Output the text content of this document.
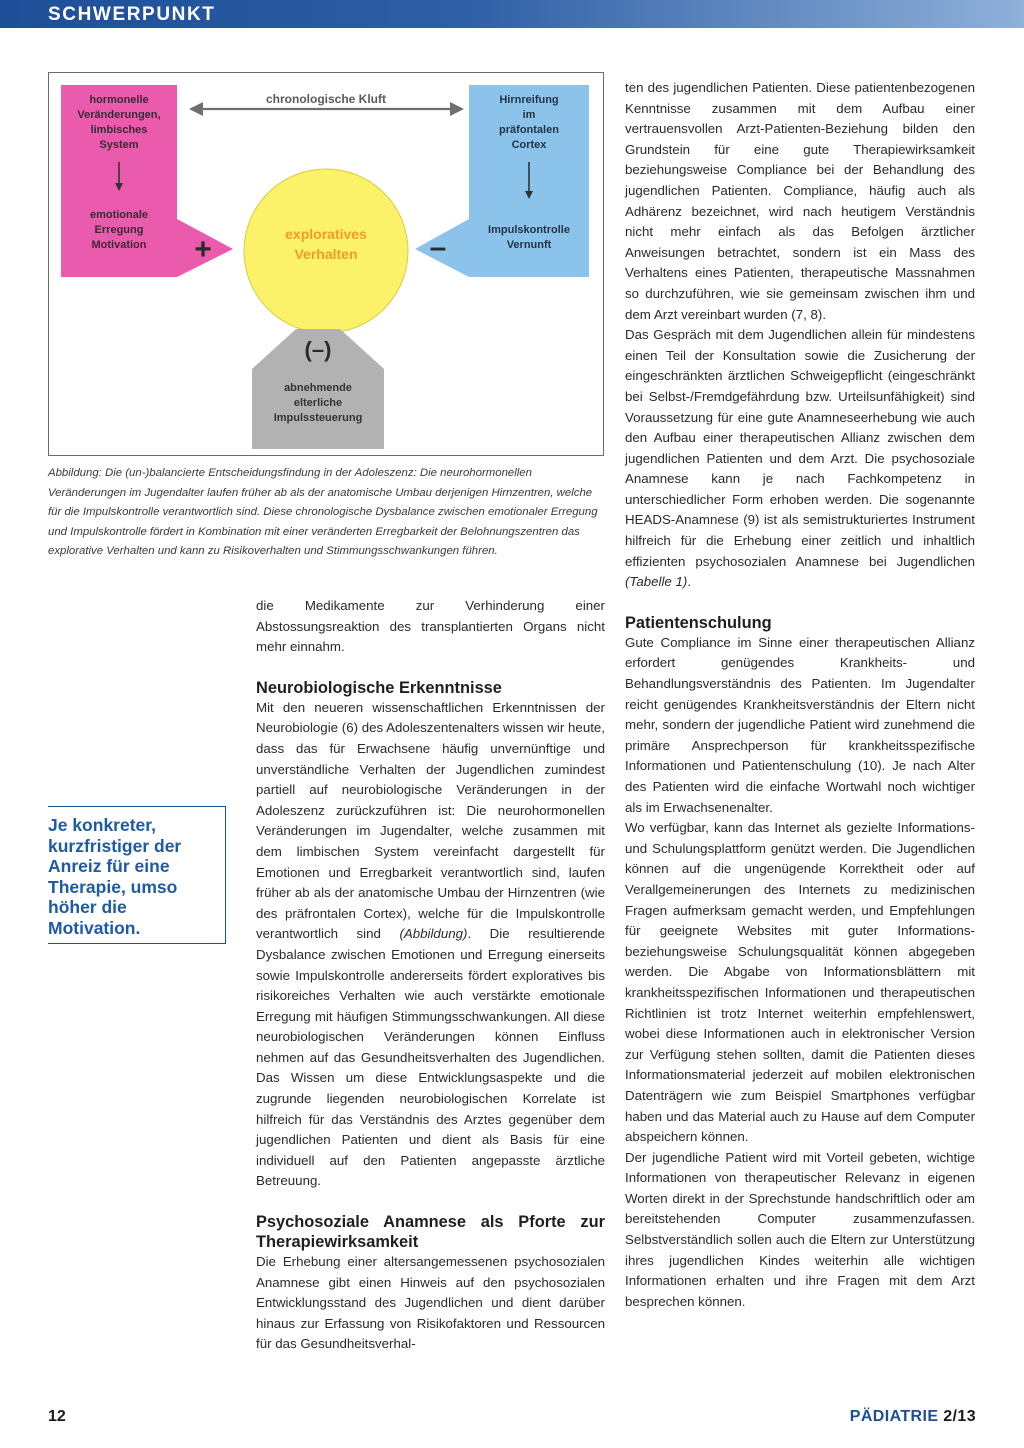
SCHWERPUNKT
chronologische Kluft
hormonelle
Veränderungen,
limbisches
System
emotionale
Erregung
Motivation +
Hirnreifung
im
präfontalen
Cortex
Impulskontrolle
Vernunft
–
exploratives
Verhalten
(–)
abnehmende
elterliche
Impulssteuerung
Abbildung: Die (un-)balancierte Entscheidungsfindung in der Adoleszenz: Die neurohormonellen Veränderungen im Jugendalter laufen früher ab als der anatomische Umbau derjenigen Hirnzentren, welche für die Impulskontrolle verantwortlich sind. Diese chronologische Dysbalance zwischen emotionaler Erregung und Impulskontrolle fördert in Kombination mit einer veränderten Erregbarkeit der Belohnungszentren das explorative Verhalten und kann zu Risikoverhalten und Stimmungsschwankungen führen.
Je konkreter, kurzfristiger der Anreiz für eine Therapie, umso höher die Motivation.

die Medikamente zur Verhinderung einer Abstossungsreaktion des transplantierten Organs nicht mehr einnahm.

Neurobiologische Erkenntnisse

Mit den neueren wissenschaftlichen Erkenntnissen der Neurobiologie (6) des Adoleszentenalters wissen wir heute, dass das für Erwachsene häufig unvernünftige und unverständliche Verhalten der Jugendlichen zumindest partiell auf neurobiologische Veränderungen in der Adoleszenz zurückzuführen ist: Die neurohormonellen Veränderungen im Jugendalter, welche zusammen mit dem limbischen System vereinfacht dargestellt für Emotionen und Erregbarkeit verantwortlich sind, laufen früher ab als der anatomische Umbau der Hirnzentren (wie des präfrontalen Cortex), welche für die Impulskontrolle verantwortlich sind (Abbildung). Die resultierende Dysbalance zwischen Emotionen und Erregung einerseits sowie Impulskontrolle andererseits fördert exploratives bis risikoreiches Verhalten wie auch verstärkte emotionale Erregung mit häufigen Stimmungsschwankungen. All diese neurobiologischen Veränderungen können Einfluss nehmen auf das Gesundheitsverhalten des Jugendlichen. Das Wissen um diese Entwicklungsaspekte und die zugrunde liegenden neurobiologischen Korrelate ist hilfreich für das Verständnis des Arztes gegenüber dem jugendlichen Patienten und dient als Basis für eine individuell auf den Patienten angepasste ärztliche Betreuung.

Psychosoziale Anamnese als Pforte zur Therapiewirksamkeit

Die Erhebung einer altersangemessenen psychosozialen Anamnese gibt einen Hinweis auf den psychosozialen Entwicklungsstand des Jugendlichen und dient darüber hinaus zur Erfassung von Risikofaktoren und Ressourcen für das Gesundheitsverhal-

ten des jugendlichen Patienten. Diese patientenbezogenen Kenntnisse zusammen mit dem Aufbau einer vertrauensvollen Arzt-Patienten-Beziehung bilden den Grundstein für eine gute Therapiewirksamkeit beziehungsweise Compliance bei der Behandlung des jugendlichen Patienten. Compliance, häufig auch als Adhärenz bezeichnet, wird nach heutigem Verständnis nicht mehr einfach als das Befolgen ärztlicher Anweisungen betrachtet, sondern ist ein Mass des Verhaltens eines Patienten, therapeutische Massnahmen so durchzuführen, wie sie gemeinsam zwischen ihm und dem Arzt vereinbart wurden (7, 8).

Das Gespräch mit dem Jugendlichen allein für mindestens einen Teil der Konsultation sowie die Zusicherung der eingeschränkten ärztlichen Schweigepflicht (eingeschränkt bei Selbst-/Fremdgefährdung bzw. Urteilsunfähigkeit) sind Voraussetzung für eine gute Anamneseerhebung wie auch den Aufbau einer therapeutischen Allianz zwischen dem jugendlichen Patienten und dem Arzt. Die psychosoziale Anamnese kann je nach Fachkompetenz in unterschiedlicher Form erhoben werden. Die sogenannte HEADS-Anamnese (9) ist als semistrukturiertes Instrument hilfreich für die Erhebung einer zeitlich und inhaltlich effizienten psychosozialen Anamnese bei Jugendlichen (Tabelle 1).

Patientenschulung

Gute Compliance im Sinne einer therapeutischen Allianz erfordert genügendes Krankheits- und Behandlungsverständnis des Patienten. Im Jugendalter reicht genügendes Krankheitsverständnis der Eltern nicht mehr, sondern der jugendliche Patient wird zunehmend die primäre Ansprechperson für krankheitsspezifische Informationen und Patientenschulung (10). Je nach Alter des Patienten wird die einfache Wortwahl noch wichtiger als im Erwachsenenalter.

Wo verfügbar, kann das Internet als gezielte Informations- und Schulungsplattform genützt werden. Die Jugendlichen können auf die ungenügende Korrektheit oder auf Verallgemeinerungen des Internets zu medizinischen Fragen aufmerksam gemacht werden, und Empfehlungen für geeignete Websites mit guter Informations- beziehungsweise Schulungsqualität können abgegeben werden. Die Abgabe von Informationsblättern mit krankheitsspezifischen Informationen und therapeutischen Richtlinien ist trotz Internet weiterhin empfehlenswert, wobei diese Informationen auch in elektronischer Version zur Verfügung stehen sollten, damit die Patienten dieses Informationsmaterial jederzeit auf mobilen elektronischen Datenträgern wie zum Beispiel Smartphones verfügbar haben und das Material auch zu Hause auf dem Computer abspeichern können.

Der jugendliche Patient wird mit Vorteil gebeten, wichtige Informationen von therapeutischer Relevanz in eigenen Worten direkt in der Sprechstunde handschriftlich oder am bereitstehenden Computer zusammenzufassen. Selbstverständlich sollen auch die Eltern zur Unterstützung ihres jugendlichen Kindes weiterhin alle wichtigen Informationen erhalten und ihre Fragen mit dem Arzt besprechen können.

12	PÄDIATRIE 2/13
